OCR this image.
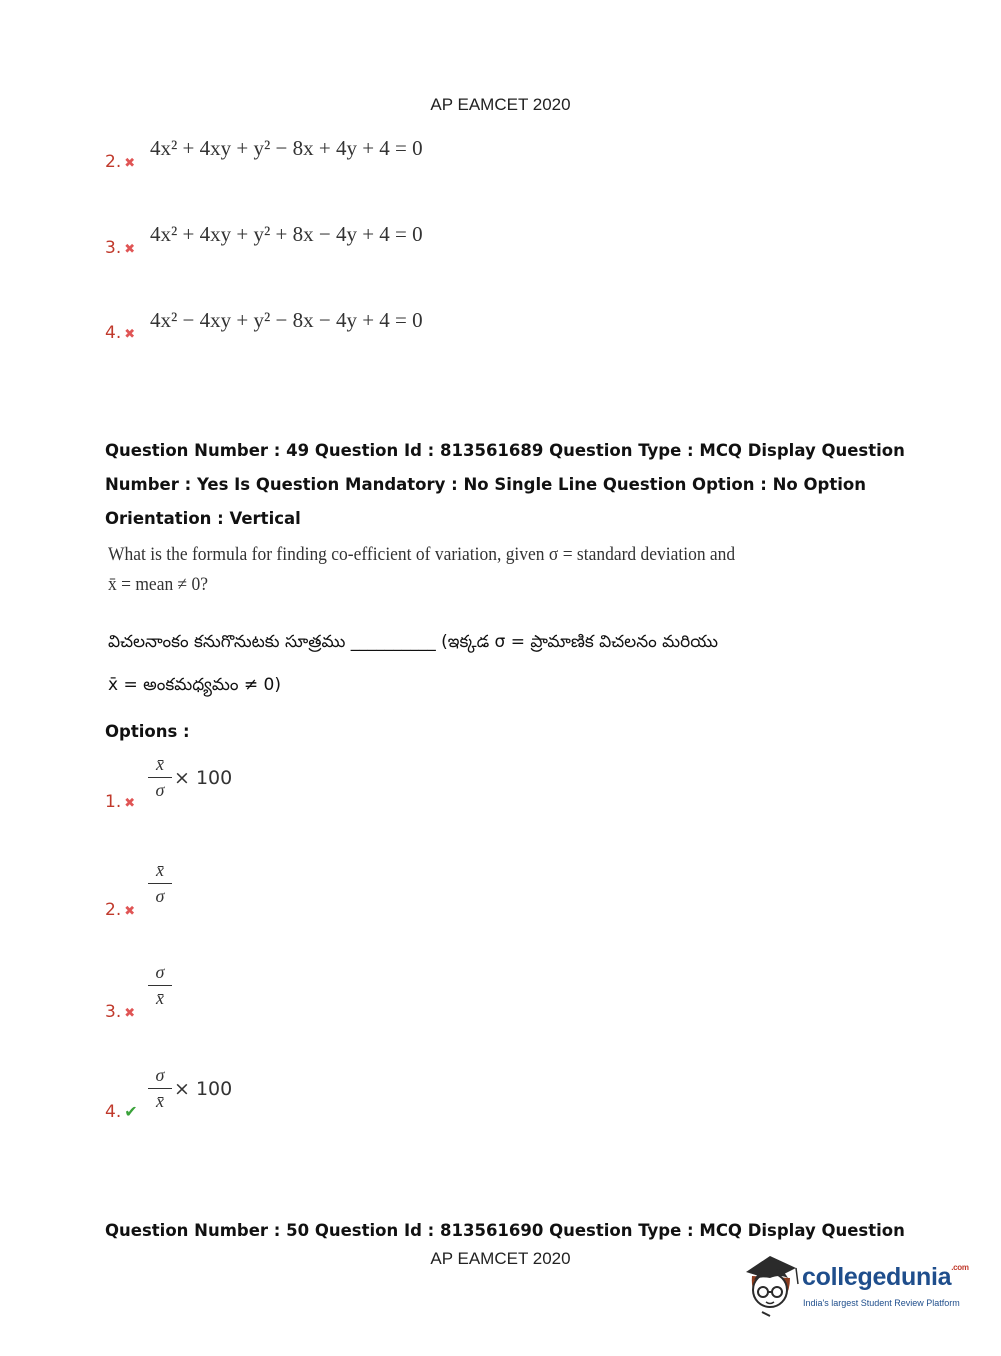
AP EAMCET 2020
2. ✖
4x² + 4xy + y² − 8x + 4y + 4 = 0
3. ✖
4x² + 4xy + y² + 8x − 4y + 4 = 0
4. ✖
4x² − 4xy + y² − 8x − 4y + 4 = 0
Question Number : 49 Question Id : 813561689 Question Type : MCQ Display Question
Number : Yes Is Question Mandatory : No Single Line Question Option : No Option
Orientation : Vertical
What is the formula for finding co-efficient of variation, given σ = standard deviation and
x̄ = mean ≠ 0?
విచలనాంకం కనుగొనుటకు సూత్రము __________ (ఇక్కడ σ = ప్రామాణిక విచలనం మరియు
x̄ = అంకమధ్యమం ≠ 0)
Options :
1. ✖
$\frac{x̄}{\sigma} \times 100$
2. ✖
$\frac{x̄}{\sigma}$
3. ✖
$\frac{\sigma}{x̄}$
4. ✔
$\frac{\sigma}{x̄} \times 100$
Question Number : 50 Question Id : 813561690 Question Type : MCQ Display Question
AP EAMCET 2020
collegedunia$^{.com}$
India's largest Student Review Platform
